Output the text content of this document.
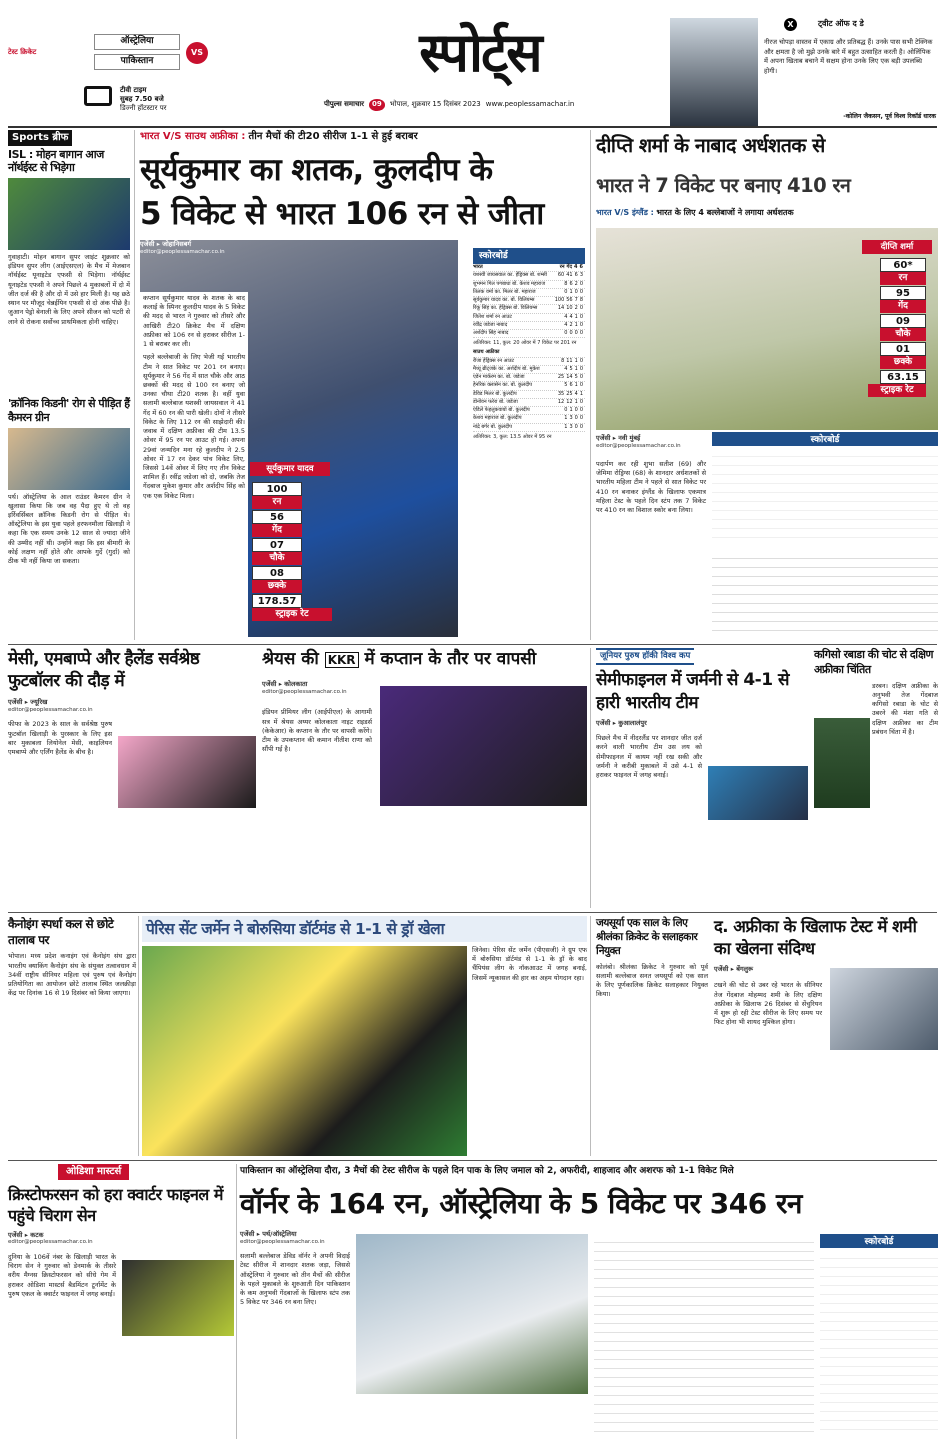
टेस्ट क्रिकेट
ऑस्ट्रेलिया
पाकिस्तान
VS
टीवी टाइम
सुबह 7.50 बजे
डिज्नी हॉटस्टार पर
स्पोर्ट्स
पीपुल्स समाचार	09	भोपाल, शुक्रवार 15 दिसंबर 2023 www.peoplessamachar.in
X	ट्वीट ऑफ द डे
नीरज चोपड़ा वास्तव में एकाग्र और प्रतिबद्ध हैं। उनके पास सभी टेक्निक और क्षमता है जो मुझे उनके बारे में बहुत उत्साहित करती है। ओलिंपिक में अपना खिताब बचाने में सक्षम होना उनके लिए एक बड़ी उपलब्धि होगी।
-कोलिन जैकसन, पूर्व विश्व रिकॉर्ड धारक
Sports ब्रीफ
ISL : मोहन बागान आज नॉर्थईस्ट से भिड़ेगा
गुवाहाटी। मोहन बागान सुपर जाइंट शुक्रवार को इंडियन सुपर लीग (आईएसएल) के मैच में मेजबान नॉर्थईस्ट यूनाइटेड एफसी से भिड़ेगा। नॉर्थईस्ट यूनाइटेड एफसी ने अपने पिछले 4 मुकाबलों में दो में जीत दर्ज की है और दो में उसे हार मिली है। यह छठे स्थान पर मौजूद चेन्नईयिन एफसी से दो अंक पीछे है। जुआन पेड्रो बेनाली के लिए अपने सीजन को पटरी से लाने से रोकना सर्वोच्च प्राथमिकता होनी चाहिए।
'क्रॉनिक किडनी' रोग से पीड़ित हैं कैमरन ग्रीन
पर्थ। ऑस्ट्रेलिया के आल राउंडर कैमरन ग्रीन ने खुलासा किया कि जब वह पैदा हुए थे तो वह इर्रिवर्सिबल क्रॉनिक किडनी रोग से पीड़ित थे। ऑस्ट्रेलिया के इस युवा पहले हरफनमौला खिलाड़ी ने कहा कि एक समय उनके 12 साल से ज्यादा जीने की उम्मीद नहीं थी। उन्होंने कहा कि इस बीमारी के कोई लक्षण नहीं होते और आपके गुर्दे (गुर्दा) को ठीक भी नहीं किया जा सकता।
भारत V/S साउथ अफ्रीका : तीन मैचों की टी20 सीरीज 1-1 से हुई बराबर
सूर्यकुमार का शतक, कुलदीप के
5 विकेट से भारत 106 रन से जीता
एजेंसी ▸ जोहानिसबर्ग
editor@peoplessamachar.co.in

कप्तान सूर्यकुमार यादव के शतक के बाद कलाई के स्पिनर कुलदीप यादव के 5 विकेट की मदद से भारत ने गुरुवार को तीसरे और आखिरी टी20 क्रिकेट मैच में दक्षिण अफ्रीका को 106 रन से हराकर सीरीज 1-1 से बराबर कर ली।

पहले बल्लेबाजी के लिए भेजी गई भारतीय टीम ने सात विकेट पर 201 रन बनाए। सूर्यकुमार ने 56 गेंद में सात चौके और आठ छक्कों की मदद से 100 रन बनाए जो उनका चौथा टी20 शतक है। वहीं युवा सलामी बल्लेबाज यशस्वी जायसवाल ने 41 गेंद में 60 रन की पारी खेली। दोनों ने तीसरे विकेट के लिए 112 रन की साझेदारी की। जवाब में दक्षिण अफ्रीका की टीम 13.5 ओवर में 95 रन पर आउट हो गई। अपना 29वां जन्मदिन मना रहे कुलदीप ने 2.5 ओवर में 17 रन देकर पांच विकेट लिए, जिससे 14वें ओवर में लिए गए तीन विकेट शामिल हैं। रवींद्र जडेजा को दो, जबकि तेज गेंदबाज मुकेश कुमार और अर्शदीप सिंह को एक एक विकेट मिला।

सूर्यकुमार यादव
100
रन
56
गेंद
07
चौके
08
छक्के
178.57
स्ट्राइक रेट
स्कोरबोर्ड
भारत	रन गेंद 4 6
यशस्वी जायसवाल का. हेंड्रिक्स बो. शम्सी	60 41 6 3
शुभमन गिल पगबाधा बो. केशव महाराज	8 6 2 0
तिलक वर्मा का. मिलर बो. महाराज	0 1 0 0
सूर्यकुमार यादव का. बो. विलियम्स	100 56 7 8
रिंकू सिंह का. हेंड्रिक्स बो. विलियम्स	14 10 2 0
जितेश शर्मा रन आउट	4 4 1 0
रवींद्र जडेजा नाबाद	4 2 1 0
अर्शदीप सिंह नाबाद	0 0 0 0
अतिरिक्त: 11, कुल: 20 ओवर में 7 विकेट पर 201 रन
साउथ अफ्रीका
रीजा हेंड्रिक्स रन आउट	8 11 1 0
मैथ्यू ब्रीट्जके का. अर्शदीप बो. मुकेश	4 5 1 0
एडेन मार्करम का. बो. जडेजा	25 14 5 0
हेनरिक क्लासेन का. बो. कुलदीप	5 6 1 0
डेविड मिलर बो. कुलदीप	35 25 4 1
डोनोवन फरेरा बो. जडेजा	12 12 1 0
एंडिले फेहलुकवायो बो. कुलदीप	0 1 0 0
केशव महाराज बो. कुलदीप	1 3 0 0
नांद्रे बर्गर बो. कुलदीप	1 3 0 0
अतिरिक्त: 3, कुल: 13.5 ओवर में 95 रन
दीप्ति शर्मा के नाबाद अर्धशतक से
भारत ने 7 विकेट पर बनाए 410 रन
भारत V/S इंग्लैंड : भारत के लिए 4 बल्लेबाजों ने लगाया अर्धशतक
दीप्ति शर्मा
60*
रन
95
गेंद
09
चौके
01
छक्के
63.15
स्ट्राइक रेट
एजेंसी ▸ नवी मुंबई
editor@peoplessamachar.co.in
स्कोरबोर्ड
पदार्पण कर रही शुभा सतीश (69) और जेमिमा रोड्रिग्स (68) के शानदार अर्धशतकों से भारतीय महिला टीम ने पहले से सात विकेट पर 410 रन बनाकर इंग्लैंड के खिलाफ एकमात्र महिला टेस्ट के पहले दिन स्टंप तक 7 विकेट पर 410 रन का विशाल स्कोर बना लिया।
मेसी, एमबाप्पे और हैलेंड सर्वश्रेष्ठ फुटबॉलर की दौड़ में
एजेंसी ▸ ज्यूरिख
editor@peoplessamachar.co.in
फीफा के 2023 के साल के सर्वश्रेष्ठ पुरुष फुटबॉल खिलाड़ी के पुरस्कार के लिए इस बार मुकाबला लियोनेल मेसी, काइलियन एमबाप्पे और एर्लिंग हैलेंड के बीच है।
श्रेयस की KKR में कप्तान के तौर पर वापसी
एजेंसी ▸ कोलकाता
editor@peoplessamachar.co.in
इंडियन प्रीमियर लीग (आईपीएल) के आगामी सत्र में श्रेयस अय्यर कोलकाता नाइट राइडर्स (केकेआर) के कप्तान के तौर पर वापसी करेंगे। टीम के उपकप्तान की कमान नीतीश राणा को सौंपी गई है।
जूनियर पुरुष हॉकी विश्व कप
सेमीफाइनल में जर्मनी से 4-1 से हारी भारतीय टीम
एजेंसी ▸ कुआलालंपुर
पिछले मैच में नीदरलैंड पर शानदार जीत दर्ज करने वाली भारतीय टीम उस लय को सेमीफाइनल में कायम नहीं रख सकी और जर्मनी ने करीबी मुकाबले में उसे 4-1 से हराकर फाइनल में जगह बनाई।
कगिसो रबाडा की चोट से दक्षिण अफ्रीका चिंतित
डरबन। दक्षिण अफ्रीका के अनुभवी तेज गेंदबाज कगिसो रबाडा के चोट से उबरने की मंशा गति से दक्षिण अफ्रीका का टीम प्रबंधन चिंता में है।
कैनोइंग स्पर्धा कल से छोटे तालाब पर
भोपाल। मध्य प्रदेश कनाइंग एवं कैनोइंग संघ द्वारा भारतीय क्याकिंग कैनोइंग संघ के संयुक्त तत्वावधान में 34वीं राष्ट्रीय सीनियर महिला एवं पुरुष एवं कैनोइंग प्रतियोगिता का आयोजन छोटे तालाब स्थित जलक्रीड़ा केंद्र पर दिनांक 16 से 19 दिसंबर को किया जाएगा।
पेरिस सेंट जर्मेन ने बोरुसिया डॉर्टमंड से 1-1 से ड्रॉ खेला
जिनेवा। पेरिस सेंट जर्मेन (पीएसजी) ने ग्रुप एफ में बोरुसिया डॉर्टमंड से 1-1 के ड्रॉ के बाद चैंपियंस लीग के नॉकआउट में जगह बनाई, जिसमें न्यूकासल की हार का अहम योगदान रहा।
जयसूर्या एक साल के लिए श्रीलंका क्रिकेट के सलाहकार नियुक्त
कोलंबो। श्रीलंका क्रिकेट ने गुरुवार को पूर्व सलामी बल्लेबाज सनत जयसूर्या को एक साल के लिए पूर्णकालिक क्रिकेट सलाहकार नियुक्त किया।
द. अफ्रीका के खिलाफ टेस्ट में शमी का खेलना संदिग्ध
एजेंसी ▸ बेंगलुरू
टखने की चोट से उबर रहे भारत के सीनियर तेज गेंदबाज मोहम्मद शमी के लिए दक्षिण अफ्रीका के खिलाफ 26 दिसंबर से सेंचुरियन में शुरू हो रही टेस्ट सीरीज के लिए समय पर फिट होना भी शायद मुश्किल होगा।
ओडिशा मास्टर्स
क्रिस्टोफरसन को हरा क्वार्टर फाइनल में पहुंचे चिराग सेन
एजेंसी ▸ कटक
editor@peoplessamachar.co.in
दुनिया के 106वें नंबर के खिलाड़ी भारत के चिराग सेन ने गुरुवार को डेनमार्क के तीसरे वरीय मैग्नस क्रिस्टोफरसन को सीधे गेम में हराकर ओडिशा मास्टर्स बैडमिंटन टूर्नामेंट के पुरुष एकल के क्वार्टर फाइनल में जगह बनाई।
पाकिस्तान का ऑस्ट्रेलिया दौरा, 3 मैचों की टेस्ट सीरीज के पहले दिन पाक के लिए जमाल को 2, अफरीदी, शाहजाद और अशरफ को 1-1 विकेट मिले
वॉर्नर के 164 रन, ऑस्ट्रेलिया के 5 विकेट पर 346 रन
एजेंसी ▸ पर्थ/ऑस्ट्रेलिया
editor@peoplessamachar.co.in
सलामी बल्लेबाज डेविड वॉर्नर ने अपनी विदाई टेस्ट सीरीज में शानदार शतक जड़ा, जिससे ऑस्ट्रेलिया ने गुरुवार को तीन मैचों की सीरीज के पहले मुकाबले के शुरुआती दिन पाकिस्तान के कम अनुभवी गेंदबाजों के खिलाफ स्टंप तक 5 विकेट पर 346 रन बना लिए।
स्कोरबोर्ड
